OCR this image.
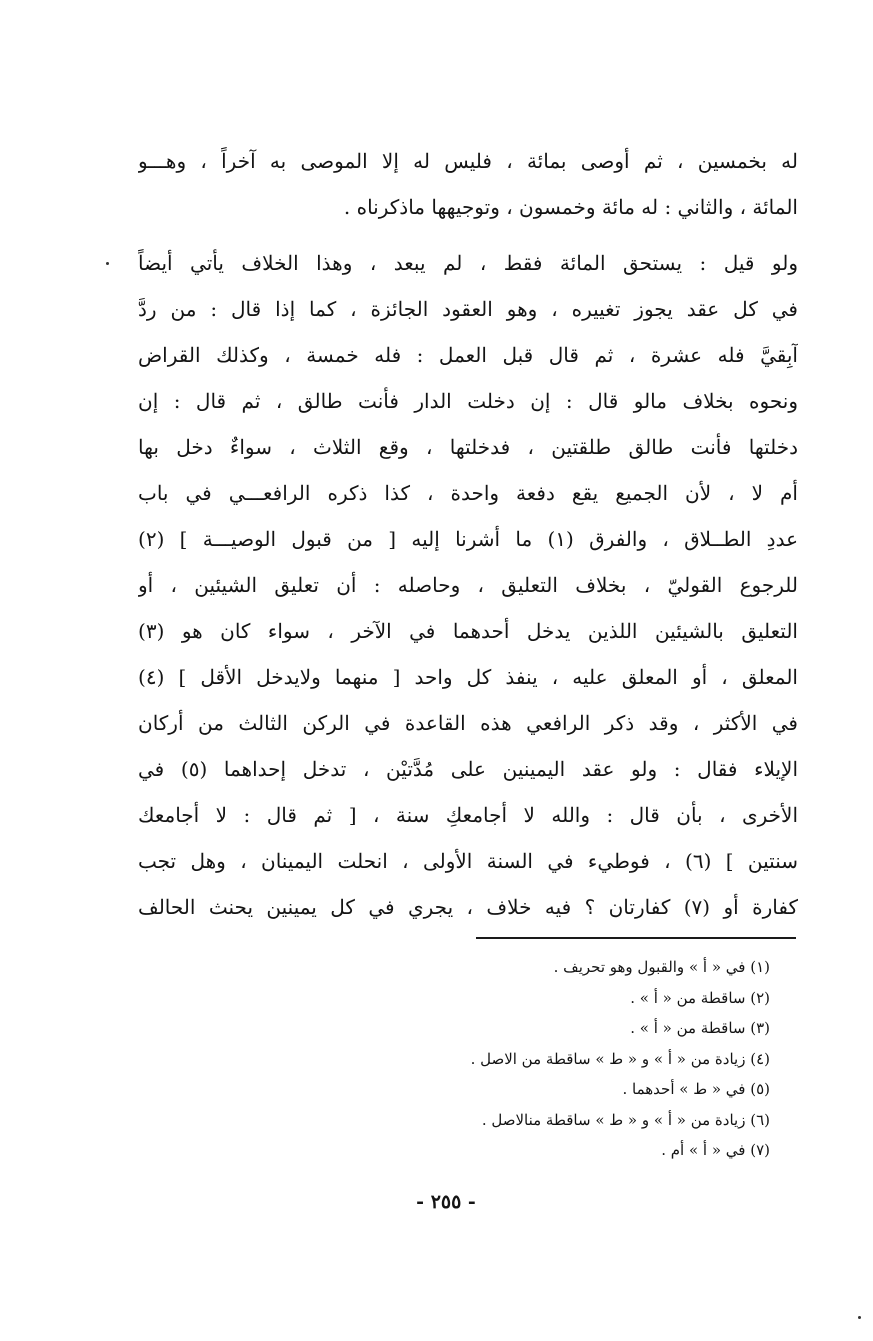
له بخمسين ، ثم أوصى بمائة ، فليس له إلا الموصى به آخراً ، وهـــو
المائة ، والثاني : له مائة وخمسون ، وتوجيهها ماذكرناه .
ولو قيل : يستحق المائة فقط ، لم يبعد ، وهذا الخلاف يأتي أيضاً
في كل عقد يجوز تغييره ، وهو العقود الجائزة ، كما إذا قال : من ردَّ
آبِقيَّ فله عشرة ، ثم قال قبل العمل : فله خمسة ، وكذلك القراض
ونحوه بخلاف مالو قال : إن دخلت الدار فأنت طالق ، ثم قال : إن
دخلتها فأنت طالق طلقتين ، فدخلتها ، وقع الثلاث ، سواءٌ دخل بها
أم لا ، لأن الجميع يقع دفعة واحدة ، كذا ذكره الرافعـــي في باب
عددِ الطــلاق ، والفرق (١) ما أشرنا إليه [ من قبول الوصيـــة ] (٢)
للرجوع القوليّ ، بخلاف التعليق ، وحاصله : أن تعليق الشيئين ، أو
التعليق بالشيئين اللذين يدخل أحدهما في الآخر ، سواء كان هو (٣)
المعلق ، أو المعلق عليه ، ينفذ كل واحد [ منهما ولايدخل الأقل ] (٤)
في الأكثر ، وقد ذكر الرافعي هذه القاعدة في الركن الثالث من أركان
الإيلاء فقال : ولو عقد اليمينين على مُدَّتيْن ، تدخل إحداهما (٥) في
الأخرى ، بأن قال : والله لا أجامعكِ سنة ، [ ثم قال : لا أجامعك
سنتين ] (٦) ، فوطيء في السنة الأولى ، انحلت اليمينان ، وهل تجب
كفارة أو (٧) كفارتان ؟ فيه خلاف ، يجري في كل يمينين يحنث الحالف
(١) في « أ » والقبول وهو تحريف .
(٢) ساقطة من « أ » .
(٣) ساقطة من « أ » .
(٤) زيادة من « أ » و « ط » ساقطة من الاصل .
(٥) في « ط » أحدهما .
(٦) زيادة من « أ » و « ط » ساقطة منالاصل .
(٧) في « أ » أم .
- ٢٥٥ -
